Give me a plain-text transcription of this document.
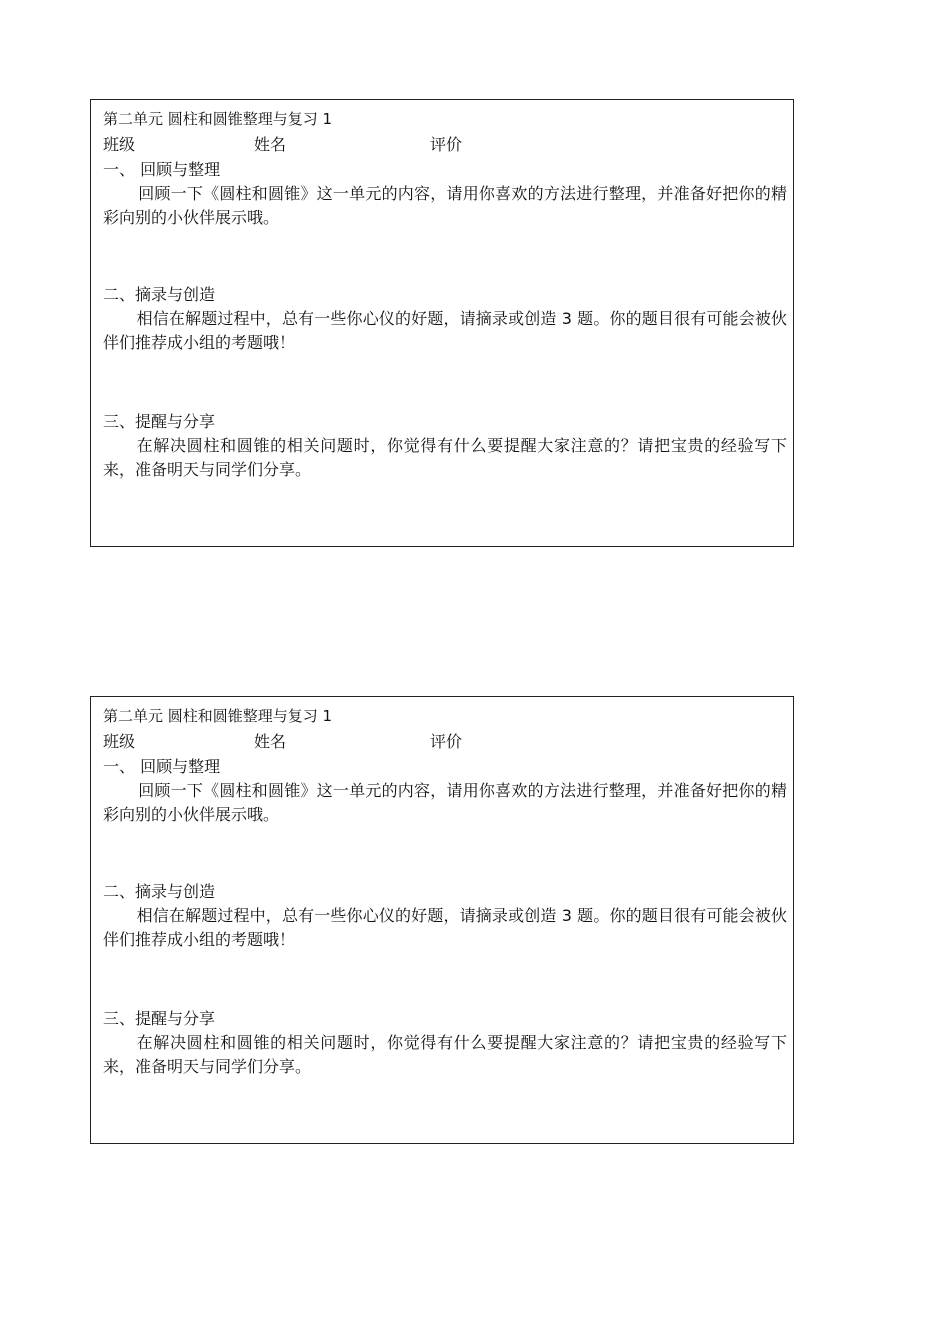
第二单元 圆柱和圆锥整理与复习 1
班级	姓名	评价
一、 回顾与整理

回顾一下《圆柱和圆锥》这一单元的内容，请用你喜欢的方法进行整理，并准备好把你的精彩向别的小伙伴展示哦。

二、摘录与创造

相信在解题过程中，总有一些你心仪的好题，请摘录或创造 3 题。你的题目很有可能会被伙伴们推荐成小组的考题哦！

三、提醒与分享

在解决圆柱和圆锥的相关问题时，你觉得有什么要提醒大家注意的？请把宝贵的经验写下来，准备明天与同学们分享。

第二单元 圆柱和圆锥整理与复习 1
班级	姓名	评价
一、 回顾与整理

回顾一下《圆柱和圆锥》这一单元的内容，请用你喜欢的方法进行整理，并准备好把你的精彩向别的小伙伴展示哦。

二、摘录与创造

相信在解题过程中，总有一些你心仪的好题，请摘录或创造 3 题。你的题目很有可能会被伙伴们推荐成小组的考题哦！

三、提醒与分享

在解决圆柱和圆锥的相关问题时，你觉得有什么要提醒大家注意的？请把宝贵的经验写下来，准备明天与同学们分享。
